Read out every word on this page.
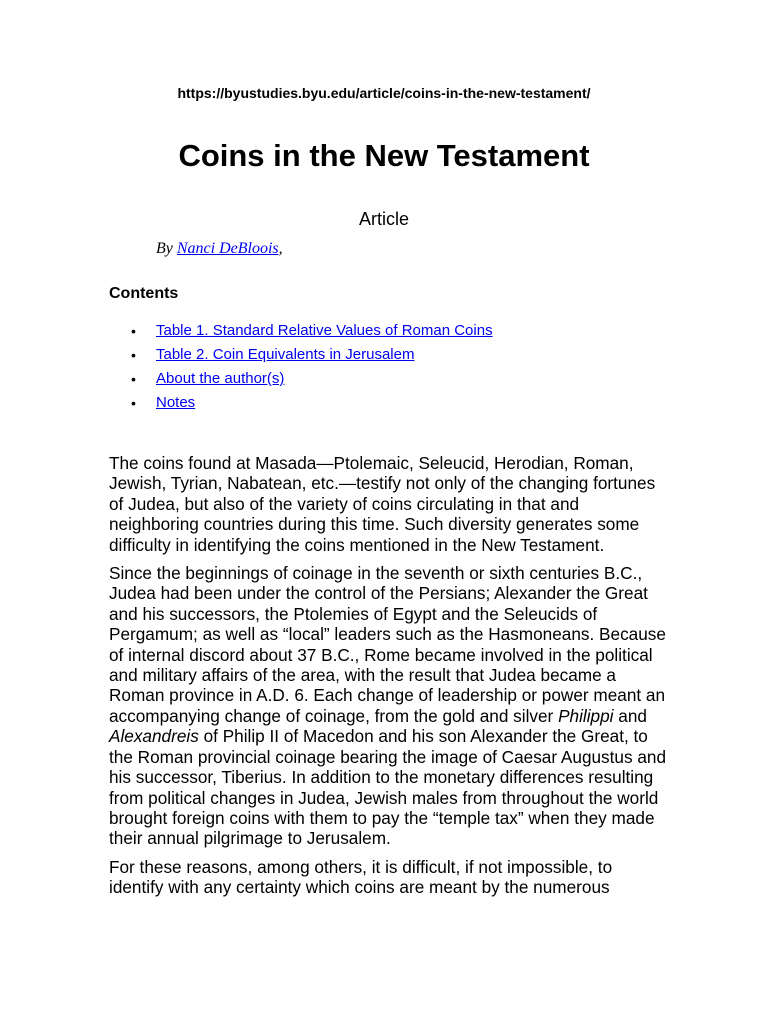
https://byustudies.byu.edu/article/coins-in-the-new-testament/
Coins in the New Testament
Article
By Nanci DeBloois,
Contents
• Table 1. Standard Relative Values of Roman Coins
• Table 2. Coin Equivalents in Jerusalem
• About the author(s)
• Notes

The coins found at Masada—Ptolemaic, Seleucid, Herodian, Roman, Jewish, Tyrian, Nabatean, etc.—testify not only of the changing fortunes of Judea, but also of the variety of coins circulating in that and neighboring countries during this time. Such diversity generates some difficulty in identifying the coins mentioned in the New Testament.

Since the beginnings of coinage in the seventh or sixth centuries B.C., Judea had been under the control of the Persians; Alexander the Great and his successors, the Ptolemies of Egypt and the Seleucids of Pergamum; as well as “local” leaders such as the Hasmoneans. Because of internal discord about 37 B.C., Rome became involved in the political and military affairs of the area, with the result that Judea became a Roman province in A.D. 6. Each change of leadership or power meant an accompanying change of coinage, from the gold and silver Philippi and Alexandreis of Philip II of Macedon and his son Alexander the Great, to the Roman provincial coinage bearing the image of Caesar Augustus and his successor, Tiberius. In addition to the monetary differences resulting from political changes in Judea, Jewish males from throughout the world brought foreign coins with them to pay the “temple tax” when they made their annual pilgrimage to Jerusalem.

For these reasons, among others, it is difficult, if not impossible, to identify with any certainty which coins are meant by the numerous
